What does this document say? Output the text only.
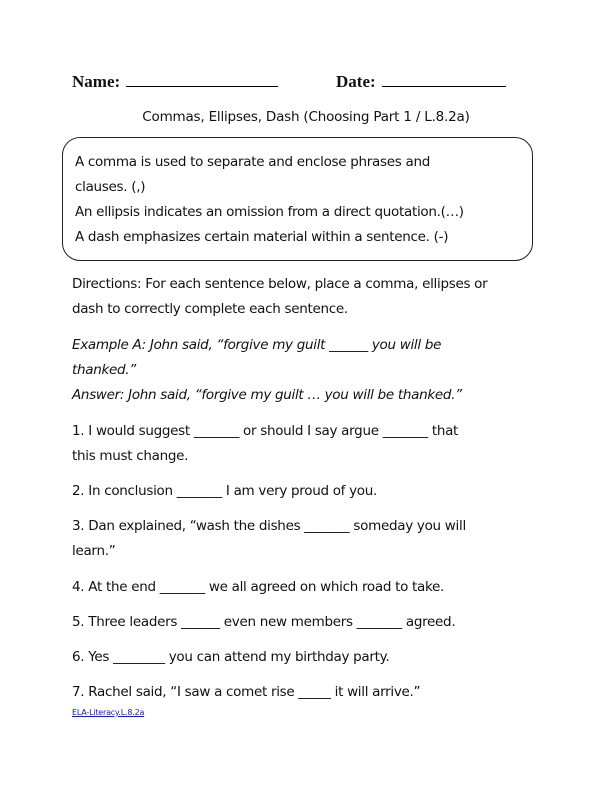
Name:	Date:
Commas, Ellipses, Dash (Choosing Part 1 / L.8.2a)
A comma is used to separate and enclose phrases and
clauses. (,)
An ellipsis indicates an omission from a direct quotation.(…)
A dash emphasizes certain material within a sentence. (-)
Directions: For each sentence below, place a comma, ellipses or
dash to correctly complete each sentence.
Example A: John said, “forgive my guilt ______ you will be
thanked.”
Answer: John said, “forgive my guilt … you will be thanked.”
1. I would suggest _______ or should I say argue _______ that
this must change.
2. In conclusion _______ I am very proud of you.
3. Dan explained, “wash the dishes _______ someday you will
learn.”
4. At the end _______ we all agreed on which road to take.
5. Three leaders ______ even new members _______ agreed.
6. Yes ________ you can attend my birthday party.
7. Rachel said, “I saw a comet rise _____ it will arrive.”
ELA-Literacy.L.8.2a
